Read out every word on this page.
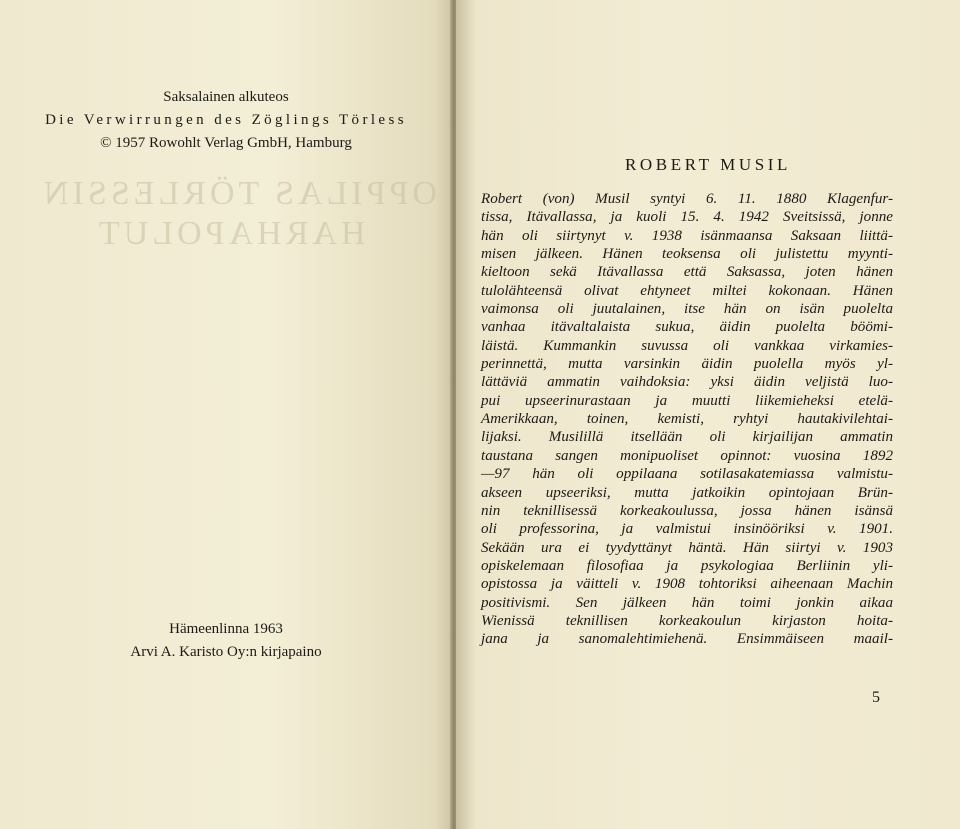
OPPILAS TÖRLESSIN
HARHAPOLUT
Saksalainen alkuteos
Die Verwirrungen des Zöglings Törless
© 1957 Rowohlt Verlag GmbH, Hamburg
Hämeenlinna 1963
Arvi A. Karisto Oy:n kirjapaino
ROBERT MUSIL
Robert (von) Musil syntyi 6. 11. 1880 Klagenfur-
tissa, Itävallassa, ja kuoli 15. 4. 1942 Sveitsissä, jonne
hän oli siirtynyt v. 1938 isänmaansa Saksaan liittä-
misen jälkeen. Hänen teoksensa oli julistettu myynti-
kieltoon sekä Itävallassa että Saksassa, joten hänen
tulolähteensä olivat ehtyneet miltei kokonaan. Hänen
vaimonsa oli juutalainen, itse hän on isän puolelta
vanhaa itävaltalaista sukua, äidin puolelta böömi-
läistä. Kummankin suvussa oli vankkaa virkamies-
perinnettä, mutta varsinkin äidin puolella myös yl-
lättäviä ammatin vaihdoksia: yksi äidin veljistä luo-
pui upseerinurastaan ja muutti liikemieheksi etelä-
Amerikkaan, toinen, kemisti, ryhtyi hautakivilehtai-
lijaksi. Musilillä itsellään oli kirjailijan ammatin
taustana sangen monipuoliset opinnot: vuosina 1892
—97 hän oli oppilaana sotilasakatemiassa valmistu-
akseen upseeriksi, mutta jatkoikin opintojaan Brün-
nin teknillisessä korkeakoulussa, jossa hänen isänsä
oli professorina, ja valmistui insinööriksi v. 1901.
Sekään ura ei tyydyttänyt häntä. Hän siirtyi v. 1903
opiskelemaan filosofiaa ja psykologiaa Berliinin yli-
opistossa ja väitteli v. 1908 tohtoriksi aiheenaan Machin
positivismi. Sen jälkeen hän toimi jonkin aikaa
Wienissä teknillisen korkeakoulun kirjaston hoita-
jana ja sanomalehtimiehenä. Ensimmäiseen maail-
5
